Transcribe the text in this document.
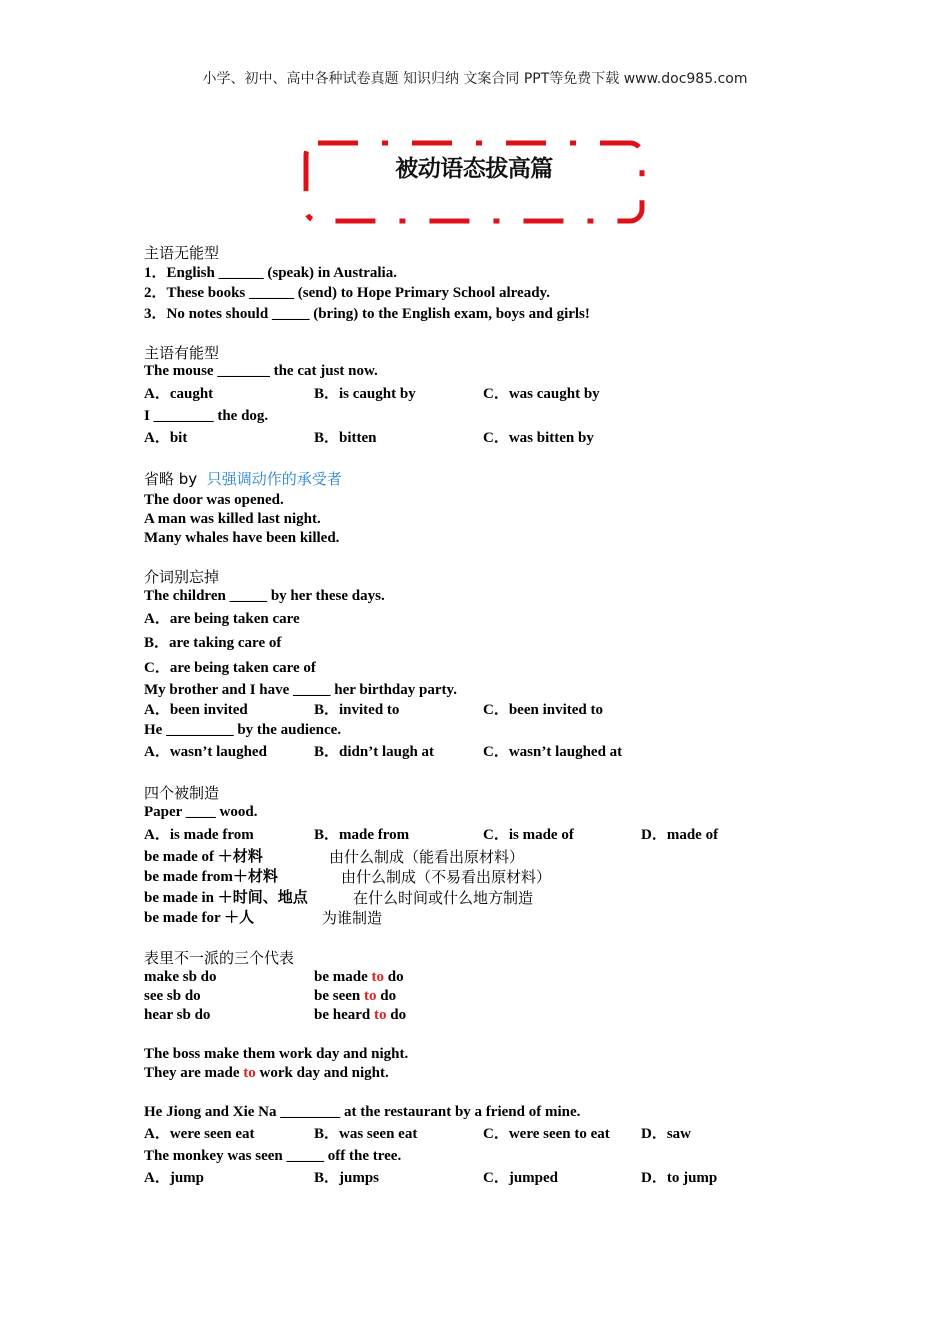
小学、初中、高中各种试卷真题 知识归纳 文案合同 PPT等免费下载 www.doc985.com
被动语态拔高篇
主语无能型
1．English ______ (speak) in Australia.
2．These books ______ (send) to Hope Primary School already.
3．No notes should _____ (bring) to the English exam, boys and girls!
主语有能型
The mouse _______ the cat just now.
A．caught	B．is caught by	C．was caught by
I ________ the dog.
A．bit	B．bitten	C．was bitten by
省略 by 只强调动作的承受者
The door was opened.
A man was killed last night.
Many whales have been killed.
介词别忘掉
The children _____ by her these days.
A．are being taken care
B．are taking care of
C．are being taken care of
My brother and I have _____ her birthday party.
A．been invited	B．invited to	C．been invited to
He _________ by the audience.
A．wasn’t laughed	B．didn’t laugh at	C．wasn’t laughed at
四个被制造
Paper ____ wood.
A．is made from	B．made from	C．is made of	D．made of
be made of ＋材料	由什么制成（能看出原材料）
be made from＋材料	由什么制成（不易看出原材料）
be made in ＋时间、地点	在什么时间或什么地方制造
be made for ＋人	为谁制造
表里不一派的三个代表
make sb do	be made to do
see sb do	be seen to do
hear sb do	be heard to do
The boss make them work day and night.
They are made to work day and night.
He Jiong and Xie Na ________ at the restaurant by a friend of mine.
A．were seen eat	B．was seen eat	C．were seen to eat D．saw
The monkey was seen _____ off the tree.
A．jump	B．jumps	C．jumped	D．to jump
